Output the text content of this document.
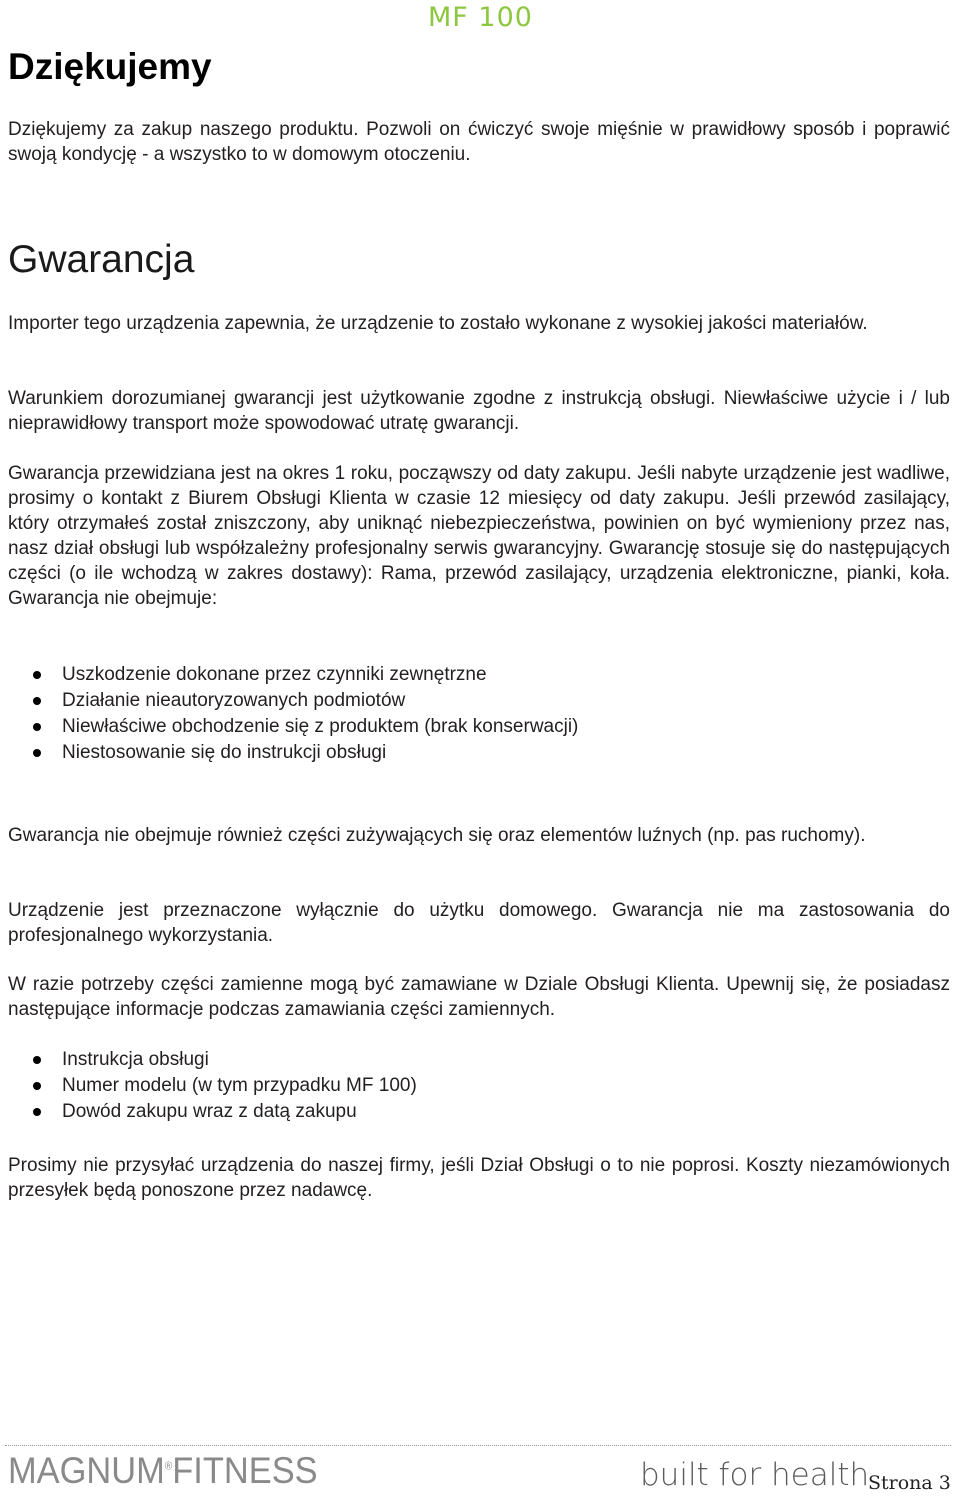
MF 100
Dziękujemy

Dziękujemy za zakup naszego produktu. Pozwoli on ćwiczyć swoje mięśnie w prawidłowy sposób i poprawić swoją kondycję - a wszystko to w domowym otoczeniu.

Gwarancja

Importer tego urządzenia zapewnia, że urządzenie to zostało wykonane z wysokiej jakości materiałów.

Warunkiem dorozumianej gwarancji jest użytkowanie zgodne z instrukcją obsługi. Niewłaściwe użycie i / lub nieprawidłowy transport może spowodować utratę gwarancji.

Gwarancja przewidziana jest na okres 1 roku, począwszy od daty zakupu. Jeśli nabyte urządzenie jest wadliwe, prosimy o kontakt z Biurem Obsługi Klienta w czasie 12 miesięcy od daty zakupu. Jeśli przewód zasilający, który otrzymałeś został zniszczony, aby uniknąć niebezpieczeństwa, powinien on być wymieniony przez nas, nasz dział obsługi lub współzależny profesjonalny serwis gwarancyjny. Gwarancję stosuje się do następujących części (o ile wchodzą w zakres dostawy): Rama, przewód zasilający, urządzenia elektroniczne, pianki, koła. Gwarancja nie obejmuje:

Uszkodzenie dokonane przez czynniki zewnętrzne
Działanie nieautoryzowanych podmiotów
Niewłaściwe obchodzenie się z produktem (brak konserwacji)
Niestosowanie się do instrukcji obsługi

Gwarancja nie obejmuje również części zużywających się oraz elementów luźnych (np. pas ruchomy).

Urządzenie jest przeznaczone wyłącznie do użytku domowego. Gwarancja nie ma zastosowania do profesjonalnego wykorzystania.

W razie potrzeby części zamienne mogą być zamawiane w Dziale Obsługi Klienta. Upewnij się, że posiadasz następujące informacje podczas zamawiania części zamiennych.

Instrukcja obsługi
Numer modelu (w tym przypadku MF 100)
Dowód zakupu wraz z datą zakupu

Prosimy nie przysyłać urządzenia do naszej firmy, jeśli Dział Obsługi o to nie poprosi. Koszty niezamówionych przesyłek będą ponoszone przez nadawcę.

MAGNUM®FITNESS	built for health
Strona 3
